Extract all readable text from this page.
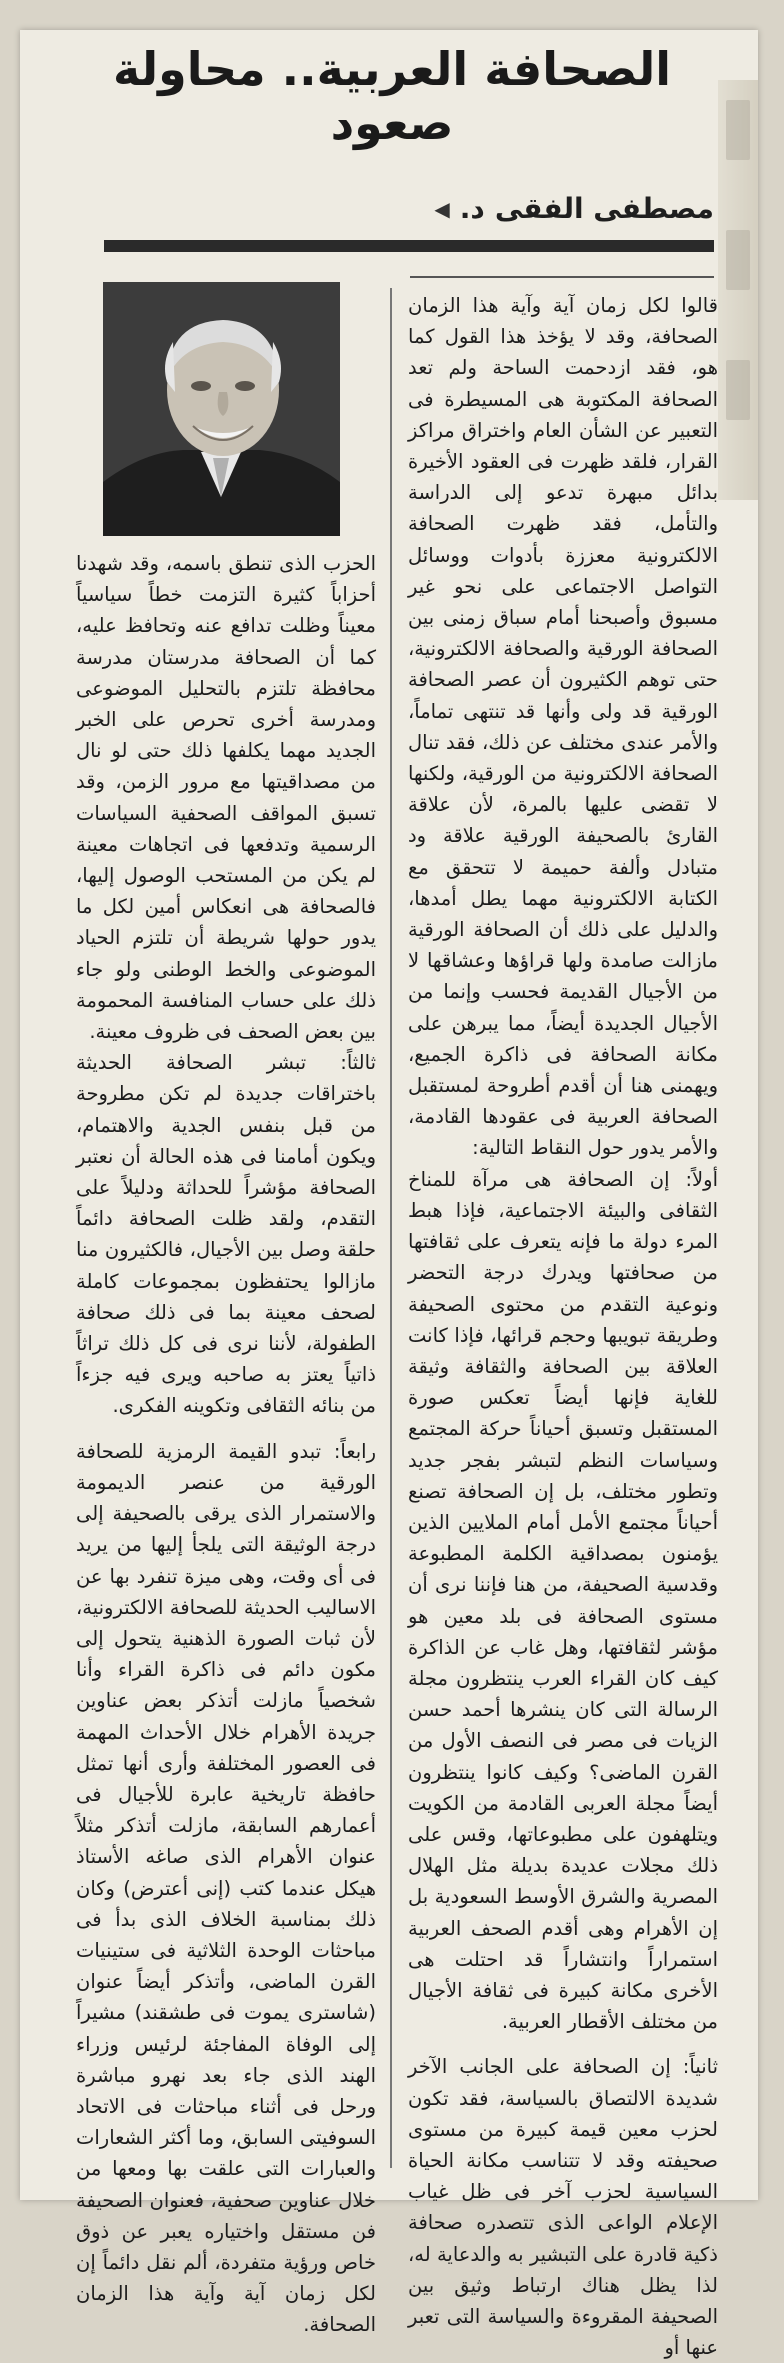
الصحافة العربية.. محاولة صعود
مصطفى الفقى
د.
◀

قالوا لكل زمان آية وآية هذا الزمان الصحافة، وقد لا يؤخذ هذا القول كما هو، فقد ازدحمت الساحة ولم تعد الصحافة المكتوبة هى المسيطرة فى التعبير عن الشأن العام واختراق مراكز القرار، فلقد ظهرت فى العقود الأخيرة بدائل مبهرة تدعو إلى الدراسة والتأمل، فقد ظهرت الصحافة الالكترونية معززة بأدوات ووسائل التواصل الاجتماعى على نحو غير مسبوق وأصبحنا أمام سباق زمنى بين الصحافة الورقية والصحافة الالكترونية، حتى توهم الكثيرون أن عصر الصحافة الورقية قد ولى وأنها قد تنتهى تماماً، والأمر عندى مختلف عن ذلك، فقد تنال الصحافة الالكترونية من الورقية، ولكنها لا تقضى عليها بالمرة، لأن علاقة القارئ بالصحيفة الورقية علاقة ود متبادل وألفة حميمة لا تتحقق مع الكتابة الالكترونية مهما يطل أمدها، والدليل على ذلك أن الصحافة الورقية مازالت صامدة ولها قراؤها وعشاقها لا من الأجيال القديمة فحسب وإنما من الأجيال الجديدة أيضاً، مما يبرهن على مكانة الصحافة فى ذاكرة الجميع، ويهمنى هنا أن أقدم أطروحة لمستقبل الصحافة العربية فى عقودها القادمة، والأمر يدور حول النقاط التالية:

أولاً: إن الصحافة هى مرآة للمناخ الثقافى والبيئة الاجتماعية، فإذا هبط المرء دولة ما فإنه يتعرف على ثقافتها من صحافتها ويدرك درجة التحضر ونوعية التقدم من محتوى الصحيفة وطريقة تبويبها وحجم قرائها، فإذا كانت العلاقة بين الصحافة والثقافة وثيقة للغاية فإنها أيضاً تعكس صورة المستقبل وتسبق أحياناً حركة المجتمع وسياسات النظم لتبشر بفجر جديد وتطور مختلف، بل إن الصحافة تصنع أحياناً مجتمع الأمل أمام الملايين الذين يؤمنون بمصداقية الكلمة المطبوعة وقدسية الصحيفة، من هنا فإننا نرى أن مستوى الصحافة فى بلد معين هو مؤشر لثقافتها، وهل غاب عن الذاكرة كيف كان القراء العرب ينتظرون مجلة الرسالة التى كان ينشرها أحمد حسن الزيات فى مصر فى النصف الأول من القرن الماضى؟ وكيف كانوا ينتظرون أيضاً مجلة العربى القادمة من الكويت ويتلهفون على مطبوعاتها، وقس على ذلك مجلات عديدة بديلة مثل الهلال المصرية والشرق الأوسط السعودية بل إن الأهرام وهى أقدم الصحف العربية استمراراً وانتشاراً قد احتلت هى الأخرى مكانة كبيرة فى ثقافة الأجيال من مختلف الأقطار العربية.

ثانياً: إن الصحافة على الجانب الآخر شديدة الالتصاق بالسياسة، فقد تكون لحزب معين قيمة كبيرة من مستوى صحيفته وقد لا تتناسب مكانة الحياة السياسية لحزب آخر فى ظل غياب الإعلام الواعى الذى تتصدره صحافة ذكية قادرة على التبشير به والدعاية له، لذا يظل هناك ارتباط وثيق بين الصحيفة المقروءة والسياسة التى تعبر عنها أو

الحزب الذى تنطق باسمه، وقد شهدنا أحزاباً كثيرة التزمت خطاً سياسياً معيناً وظلت تدافع عنه وتحافظ عليه، كما أن الصحافة مدرستان مدرسة محافظة تلتزم بالتحليل الموضوعى ومدرسة أخرى تحرص على الخبر الجديد مهما يكلفها ذلك حتى لو نال من مصداقيتها مع مرور الزمن، وقد تسبق المواقف الصحفية السياسات الرسمية وتدفعها فى اتجاهات معينة لم يكن من المستحب الوصول إليها، فالصحافة هى انعكاس أمين لكل ما يدور حولها شريطة أن تلتزم الحياد الموضوعى والخط الوطنى ولو جاء ذلك على حساب المنافسة المحمومة بين بعض الصحف فى ظروف معينة.

ثالثاً: تبشر الصحافة الحديثة باختراقات جديدة لم تكن مطروحة من قبل بنفس الجدية والاهتمام، ويكون أمامنا فى هذه الحالة أن نعتبر الصحافة مؤشراً للحداثة ودليلاً على التقدم، ولقد ظلت الصحافة دائماً حلقة وصل بين الأجيال، فالكثيرون منا مازالوا يحتفظون بمجموعات كاملة لصحف معينة بما فى ذلك صحافة الطفولة، لأننا نرى فى كل ذلك تراثاً ذاتياً يعتز به صاحبه ويرى فيه جزءاً من بنائه الثقافى وتكوينه الفكرى.

رابعاً: تبدو القيمة الرمزية للصحافة الورقية من عنصر الديمومة والاستمرار الذى يرقى بالصحيفة إلى درجة الوثيقة التى يلجأ إليها من يريد فى أى وقت، وهى ميزة تنفرد بها عن الاساليب الحديثة للصحافة الالكترونية، لأن ثبات الصورة الذهنية يتحول إلى مكون دائم فى ذاكرة القراء وأنا شخصياً مازلت أتذكر بعض عناوين جريدة الأهرام خلال الأحداث المهمة فى العصور المختلفة وأرى أنها تمثل حافظة تاريخية عابرة للأجيال فى أعمارهم السابقة، مازلت أتذكر مثلاً عنوان الأهرام الذى صاغه الأستاذ هيكل عندما كتب (إنى أعترض) وكان ذلك بمناسبة الخلاف الذى بدأ فى مباحثات الوحدة الثلاثية فى ستينيات القرن الماضى، وأتذكر أيضاً عنوان (شاسترى يموت فى طشقند) مشيراً إلى الوفاة المفاجئة لرئيس وزراء الهند الذى جاء بعد نهرو مباشرة ورحل فى أثناء مباحثات فى الاتحاد السوفيتى السابق، وما أكثر الشعارات والعبارات التى علقت بها ومعها من خلال عناوين صحفية، فعنوان الصحيفة فن مستقل واختياره يعبر عن ذوق خاص ورؤية متفردة، ألم نقل دائماً إن لكل زمان آية وآية هذا الزمان الصحافة.
